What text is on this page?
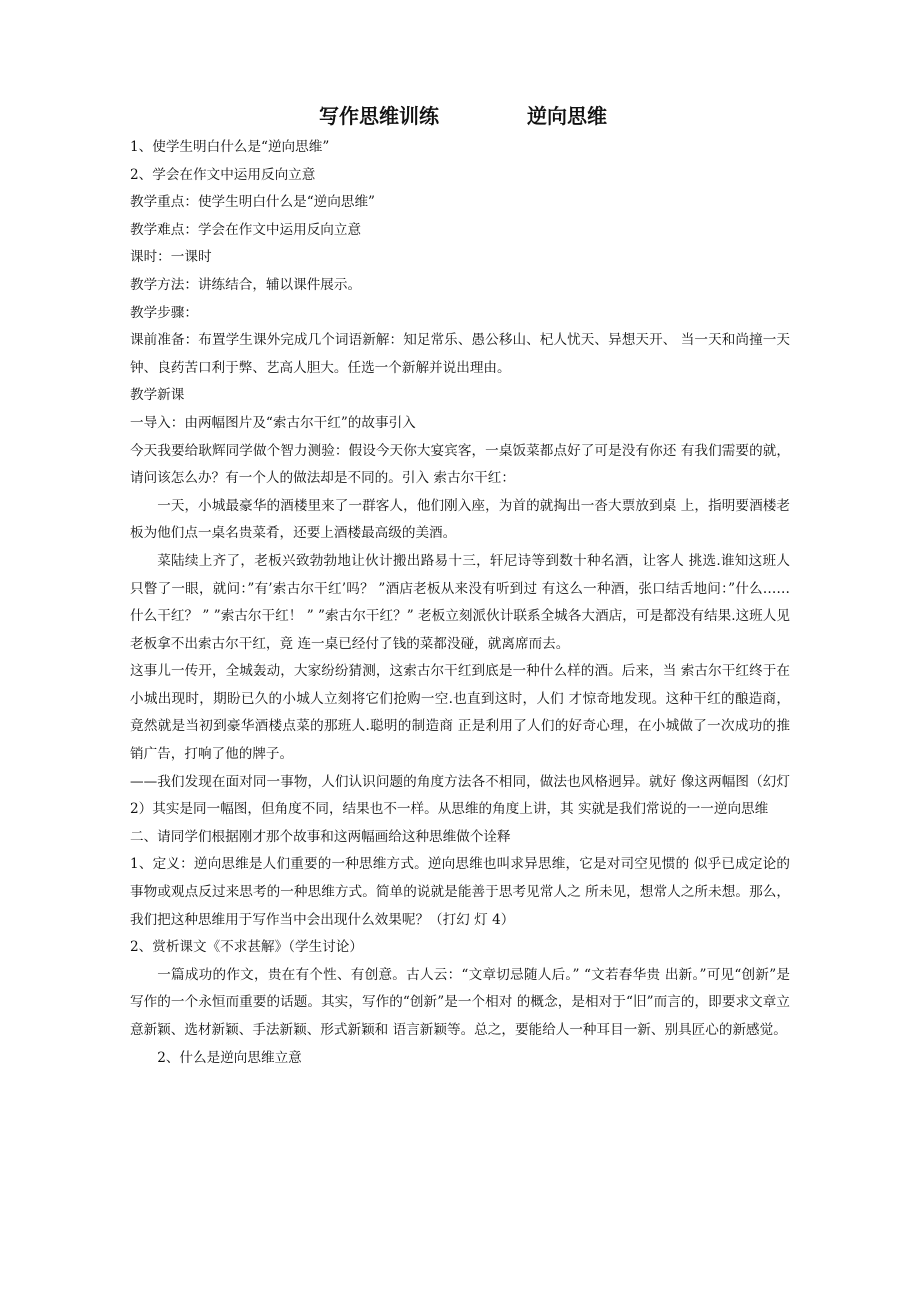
写作思维训练	逆向思维

1、使学生明白什么是“逆向思维”

2、学会在作文中运用反向立意

教学重点：使学生明白什么是“逆向思维”

教学难点：学会在作文中运用反向立意

课时：一课时

教学方法：讲练结合，辅以课件展示。

教学步骤：

课前准备：布置学生课外完成几个词语新解：知足常乐、愚公移山、杞人忧天、异想天开、 当一天和尚撞一天钟、良药苦口利于弊、艺高人胆大。任选一个新解并说出理由。

教学新课

一导入：由两幅图片及“索古尔干红”的故事引入

今天我要给耿辉同学做个智力测验：假设今天你大宴宾客，一桌饭菜都点好了可是没有你还 有我们需要的就，请问该怎么办？有一个人的做法却是不同的。引入 索古尔干红：

一天，小城最豪华的酒楼里来了一群客人，他们刚入座，为首的就掏出一沓大票放到桌 上，指明要酒楼老板为他们点一桌名贵菜肴，还要上酒楼最高级的美酒。

菜陆续上齐了，老板兴致勃勃地让伙计搬出路易十三，轩尼诗等到数十种名酒，让客人 挑选.谁知这班人只瞥了一眼，就问：”有’索古尔干红’吗？ ”酒店老板从来没有听到过 有这么一种酒，张口结舌地问：”什么……什么干红？ ” ”索古尔干红！ ” ”索古尔干红？” 老板立刻派伙计联系全城各大酒店，可是都没有结果.这班人见老板拿不出索古尔干红，竟 连一桌已经付了钱的菜都没碰，就离席而去。

这事儿一传开，全城轰动，大家纷纷猜测，这索古尔干红到底是一种什么样的酒。后来，当 索古尔干红终于在小城出现时，期盼已久的小城人立刻将它们抢购一空.也直到这时，人们 才惊奇地发现。这种干红的酿造商，竟然就是当初到豪华酒楼点菜的那班人.聪明的制造商 正是利用了人们的好奇心理，在小城做了一次成功的推销广告，打响了他的牌子。

——我们发现在面对同一事物，人们认识问题的角度方法各不相同，做法也风格迥异。就好 像这两幅图（幻灯 2）其实是同一幅图，但角度不同，结果也不一样。从思维的角度上讲，其 实就是我们常说的一一逆向思维

二、请同学们根据刚才那个故事和这两幅画给这种思维做个诠释

1、定义：逆向思维是人们重要的一种思维方式。逆向思维也叫求异思维，它是对司空见惯的 似乎已成定论的事物或观点反过来思考的一种思维方式。简单的说就是能善于思考见常人之 所未见，想常人之所未想。那么，我们把这种思维用于写作当中会出现什么效果呢？（打幻 灯 4）

2、赏析课文《不求甚解》（学生讨论）

一篇成功的作文，贵在有个性、有创意。古人云：“文章切忌随人后。” “文若春华贵 出新。”可见“创新”是写作的一个永恒而重要的话题。其实，写作的“创新”是一个相对 的概念，是相对于“旧”而言的，即要求文章立意新颖、选材新颖、手法新颖、形式新颖和 语言新颖等。总之，要能给人一种耳目一新、别具匠心的新感觉。

2、什么是逆向思维立意
